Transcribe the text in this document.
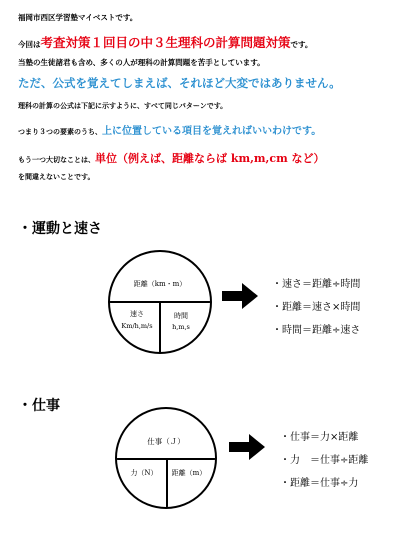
福岡市西区学習塾マイベストです。
今回は考査対策１回目の中３生理科の計算問題対策です。
当塾の生徒諸君も含め、多くの人が理科の計算問題を苦手としています。
ただ、公式を覚えてしまえば、それほど大変ではありません。
理科の計算の公式は下記に示すように、すべて同じパターンです。
つまり３つの要素のうち、上に位置している項目を覚えればいいわけです。
もう一つ大切なことは、単位（例えば、距離ならば km,m,cm など）
を間違えないことです。
・運動と速さ
距離（km・m）
速さ
Km/h,m/s
時間
h,m,s
・速さ＝距離÷時間
・距離＝速さ×時間
・時間＝距離÷速さ
・仕事
仕事（Ｊ）
力（N）	距離（m）
・仕事＝力×距離
・力　＝仕事÷距離
・距離＝仕事÷力
